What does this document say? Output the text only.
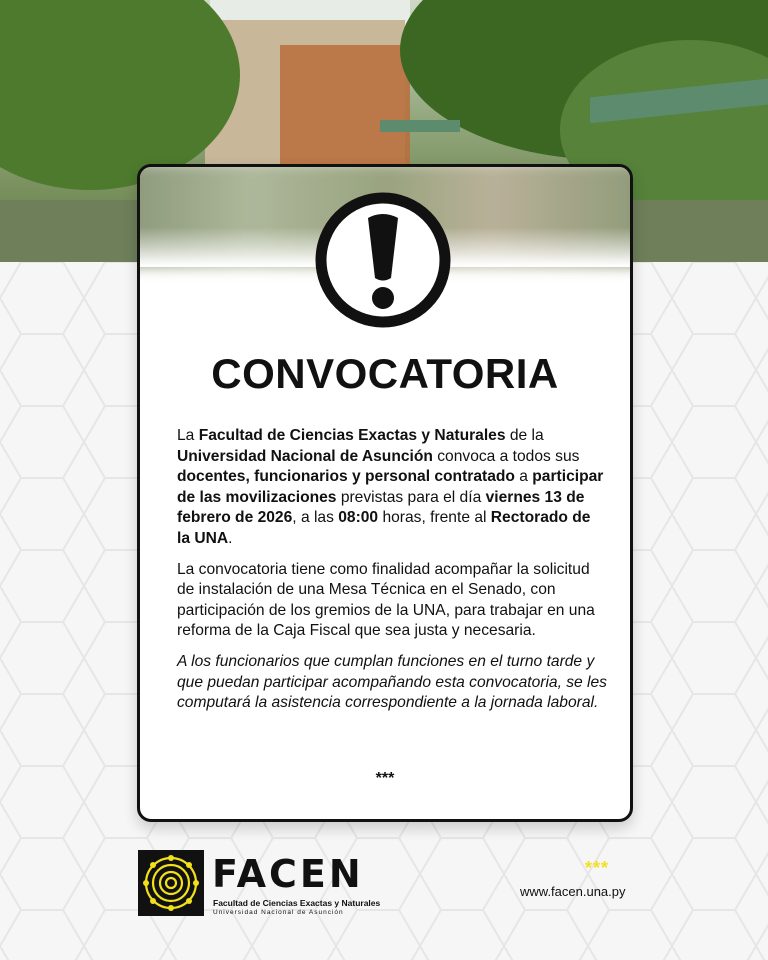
CONVOCATORIA

La Facultad de Ciencias Exactas y Naturales de la Universidad Nacional de Asunción convoca a todos sus docentes, funcionarios y personal contratado a participar de las movilizaciones previstas para el día viernes 13 de febrero de 2026, a las 08:00 horas, frente al Rectorado de la UNA.

La convocatoria tiene como finalidad acompañar la solicitud de instalación de una Mesa Técnica en el Senado, con participación de los gremios de la UNA, para trabajar en una reforma de la Caja Fiscal que sea justa y necesaria.

A los funcionarios que cumplan funciones en el turno tarde y que puedan participar acompañando esta convocatoria, se les computará la asistencia correspondiente a la jornada laboral.

***
FACEN
Facultad de Ciencias Exactas y Naturales
Universidad Nacional de Asunción
***
www.facen.una.py
